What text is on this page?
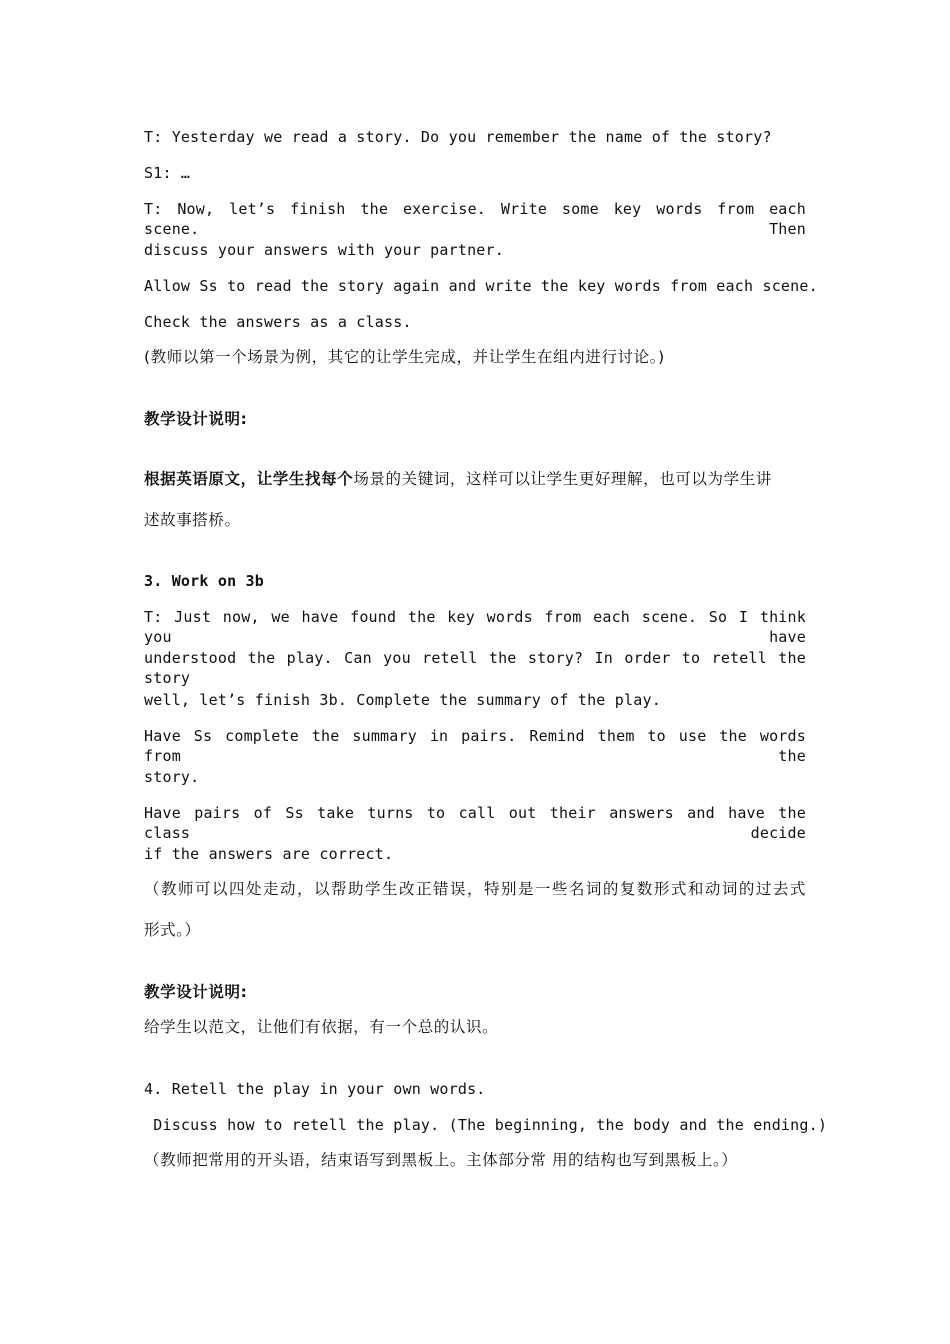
T: Yesterday we read a story. Do you remember the name of the story?
S1: …
T: Now, let’s finish the exercise. Write some key words from each scene. Then
discuss your answers with your partner.
Allow Ss to read the story again and write the key words from each scene.
Check the answers as a class.
(教师以第一个场景为例，其它的让学生完成，并让学生在组内进行讨论。)
教学设计说明:
根据英语原文，让学生找每个场景的关键词，这样可以让学生更好理解，也可以为学生讲
述故事搭桥。
3. Work on 3b
T: Just now, we have found the key words from each scene. So I think you have
understood the play. Can you retell the story? In order to retell the story
well, let’s finish 3b. Complete the summary of the play.
Have Ss complete the summary in pairs. Remind them to use the words from the
story.
Have pairs of Ss take turns to call out their answers and have the class decide
if the answers are correct.
（教师可以四处走动，以帮助学生改正错误，特别是一些名词的复数形式和动词的过去式
形式。）
教学设计说明:
给学生以范文，让他们有依据，有一个总的认识。
4. Retell the play in your own words.
Discuss how to retell the play. (The beginning, the body and the ending.)
（教师把常用的开头语，结束语写到黑板上。主体部分常 用的结构也写到黑板上。）
